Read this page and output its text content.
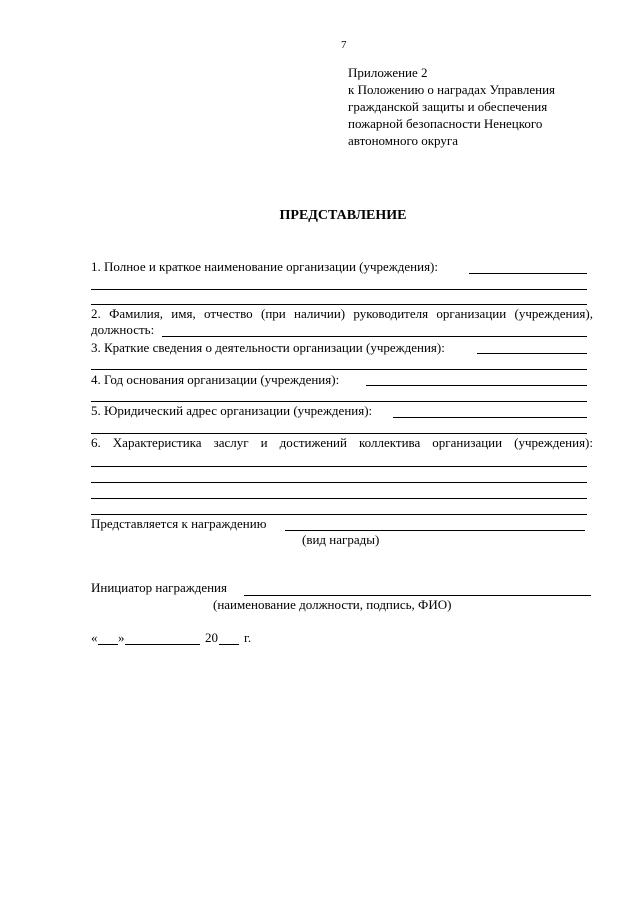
7
Приложение 2
к Положению о наградах Управления
гражданской защиты и обеспечения
пожарной безопасности Ненецкого
автономного округа
ПРЕДСТАВЛЕНИЕ
1. Полное и краткое наименование организации (учреждения):
2. Фамилия, имя, отчество (при наличии) руководителя организации (учреждения),
должность:
3. Краткие сведения о деятельности организации (учреждения):
4. Год основания организации (учреждения):
5. Юридический адрес организации (учреждения):
6. Характеристика заслуг и достижений коллектива организации (учреждения):
Представляется к награждению
(вид награды)
Инициатор награждения
(наименование должности, подпись, ФИО)
« »	20 г.
